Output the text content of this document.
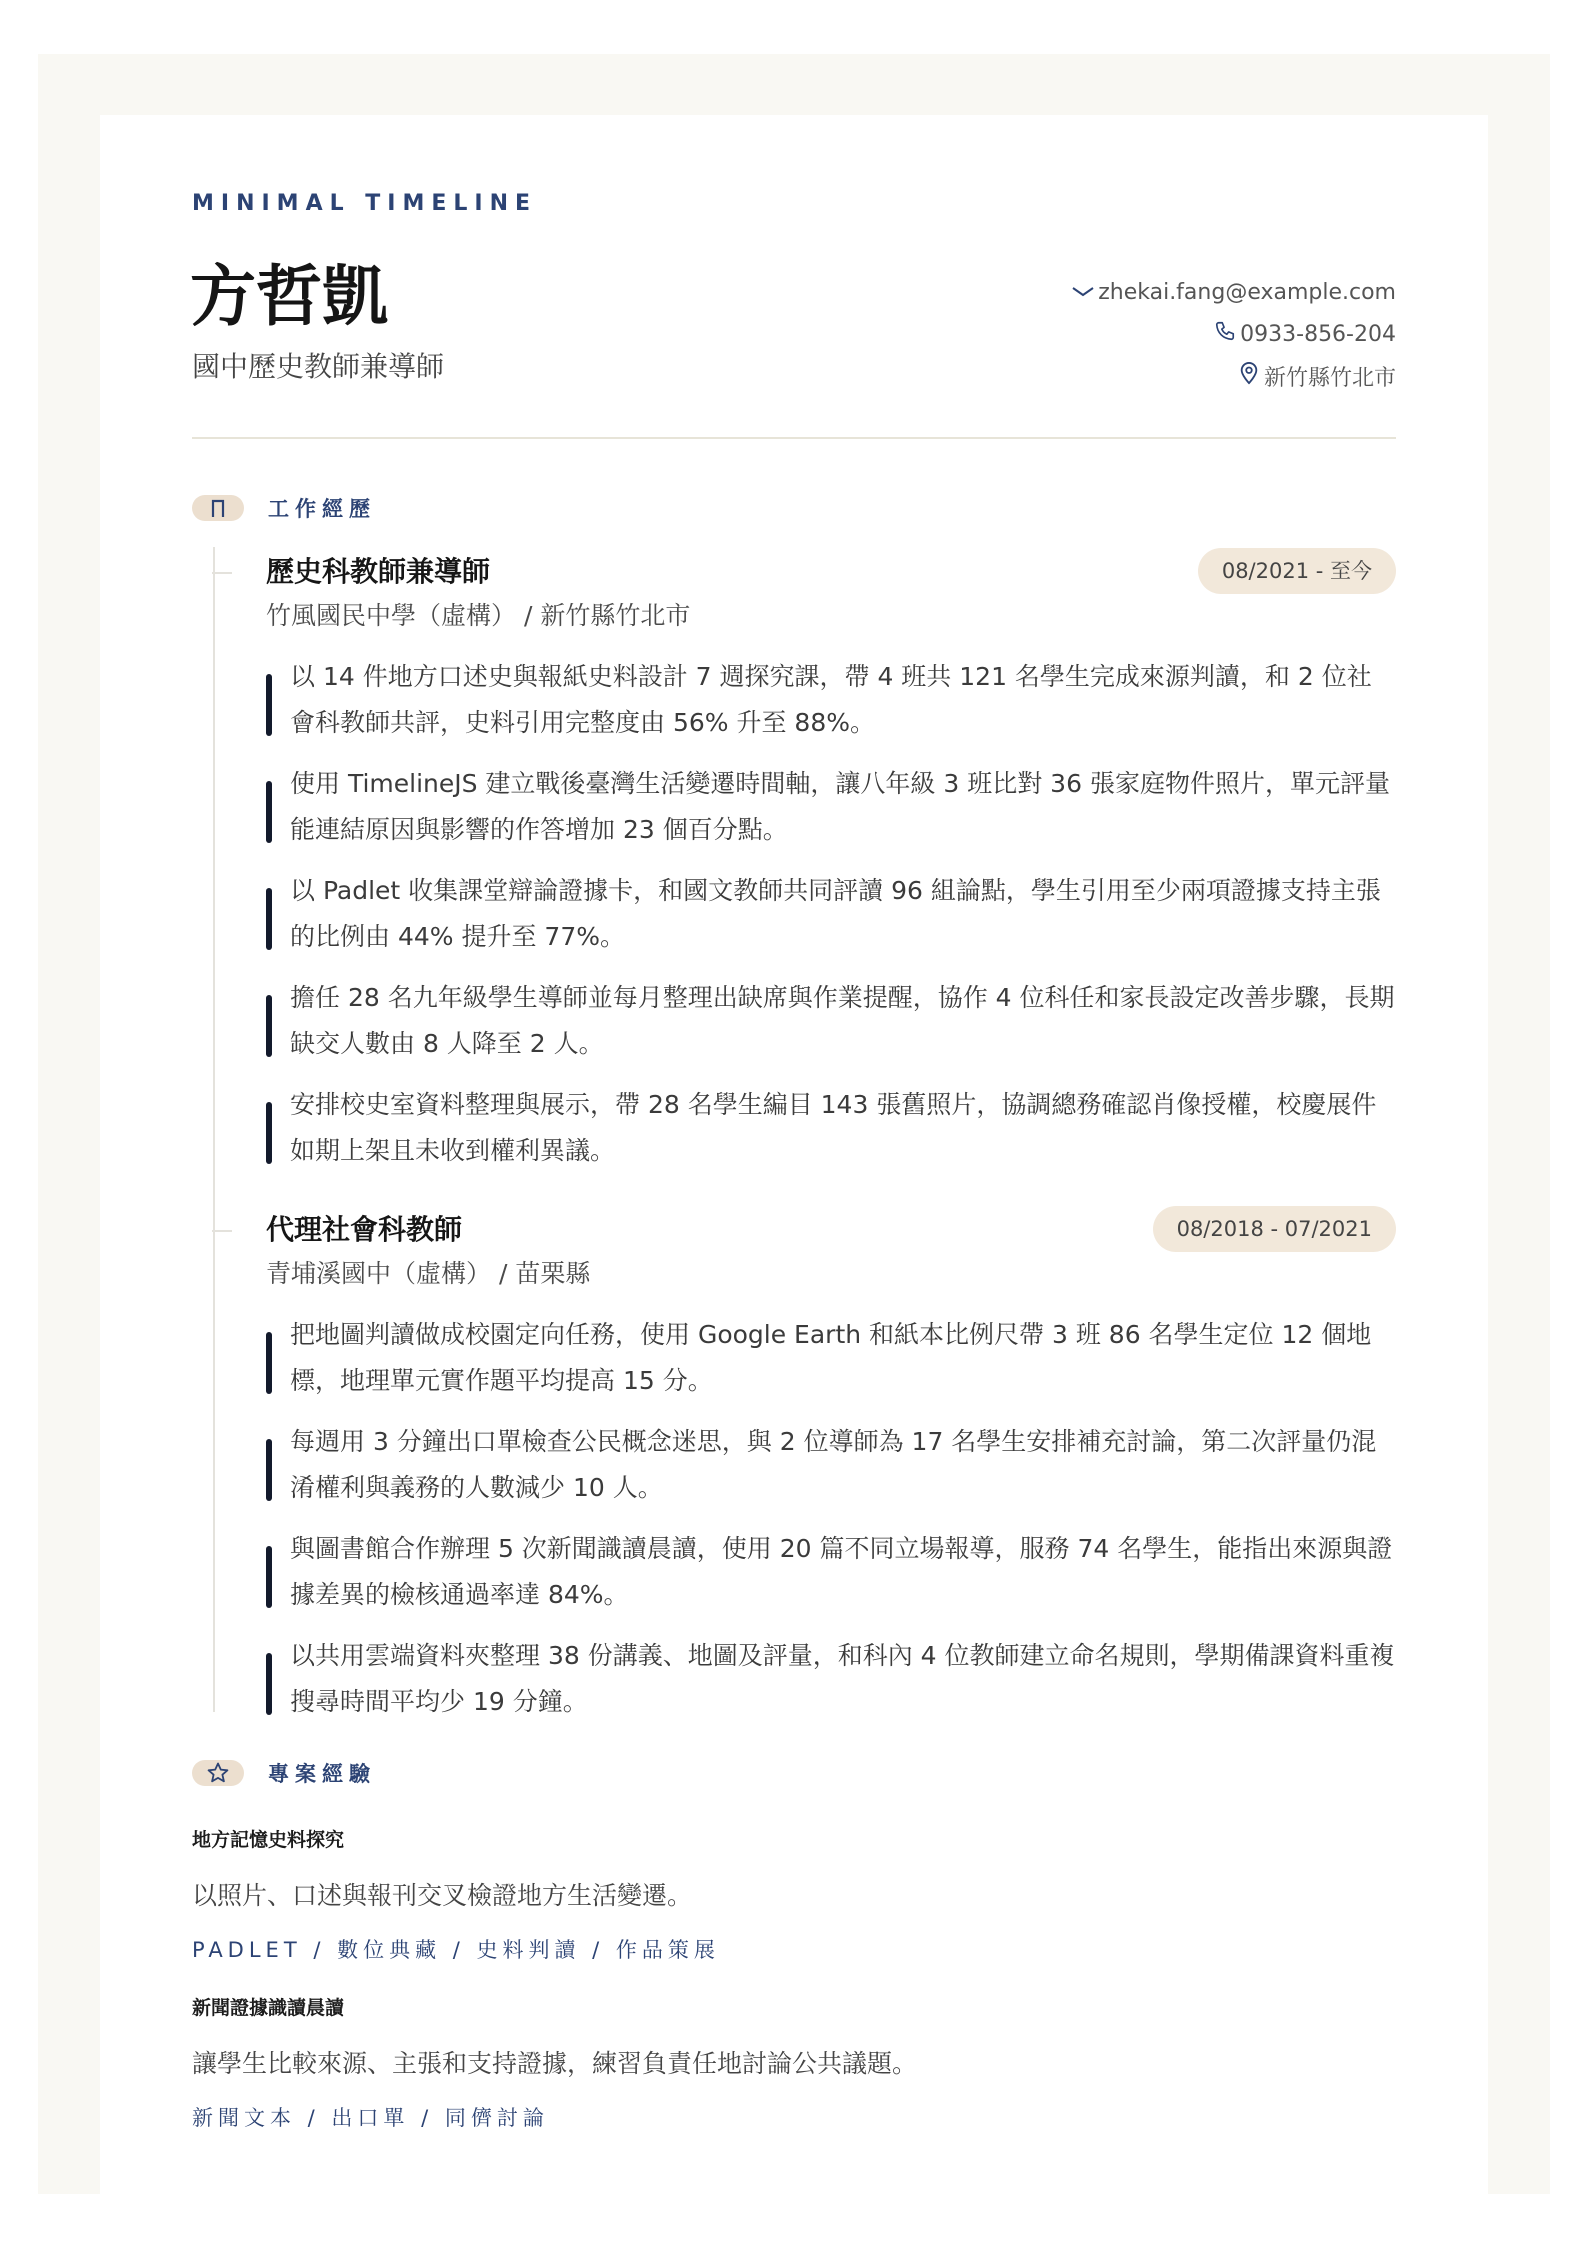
MINIMAL TIMELINE
方哲凱
國中歷史教師兼導師
zhekai.fang@example.com
0933-856-204
新竹縣竹北市
工作經歷
歷史科教師兼導師	08/2021 - 至今
竹風國民中學（虛構） / 新竹縣竹北市
以 14 件地方口述史與報紙史料設計 7 週探究課，帶 4 班共 121 名學生完成來源判讀，和 2 位社會科教師共評，史料引用完整度由 56% 升至 88%。
使用 TimelineJS 建立戰後臺灣生活變遷時間軸，讓八年級 3 班比對 36 張家庭物件照片，單元評量能連結原因與影響的作答增加 23 個百分點。
以 Padlet 收集課堂辯論證據卡，和國文教師共同評讀 96 組論點，學生引用至少兩項證據支持主張的比例由 44% 提升至 77%。
擔任 28 名九年級學生導師並每月整理出缺席與作業提醒，協作 4 位科任和家長設定改善步驟，長期缺交人數由 8 人降至 2 人。
安排校史室資料整理與展示，帶 28 名學生編目 143 張舊照片，協調總務確認肖像授權，校慶展件如期上架且未收到權利異議。
代理社會科教師	08/2018 - 07/2021
青埔溪國中（虛構） / 苗栗縣
把地圖判讀做成校園定向任務，使用 Google Earth 和紙本比例尺帶 3 班 86 名學生定位 12 個地標，地理單元實作題平均提高 15 分。
每週用 3 分鐘出口單檢查公民概念迷思，與 2 位導師為 17 名學生安排補充討論，第二次評量仍混淆權利與義務的人數減少 10 人。
與圖書館合作辦理 5 次新聞識讀晨讀，使用 20 篇不同立場報導，服務 74 名學生，能指出來源與證據差異的檢核通過率達 84%。
以共用雲端資料夾整理 38 份講義、地圖及評量，和科內 4 位教師建立命名規則，學期備課資料重複搜尋時間平均少 19 分鐘。
專案經驗
地方記憶史料探究
以照片、口述與報刊交叉檢證地方生活變遷。
PADLET / 數位典藏 / 史料判讀 / 作品策展
新聞證據識讀晨讀
讓學生比較來源、主張和支持證據，練習負責任地討論公共議題。
新聞文本 / 出口單 / 同儕討論
